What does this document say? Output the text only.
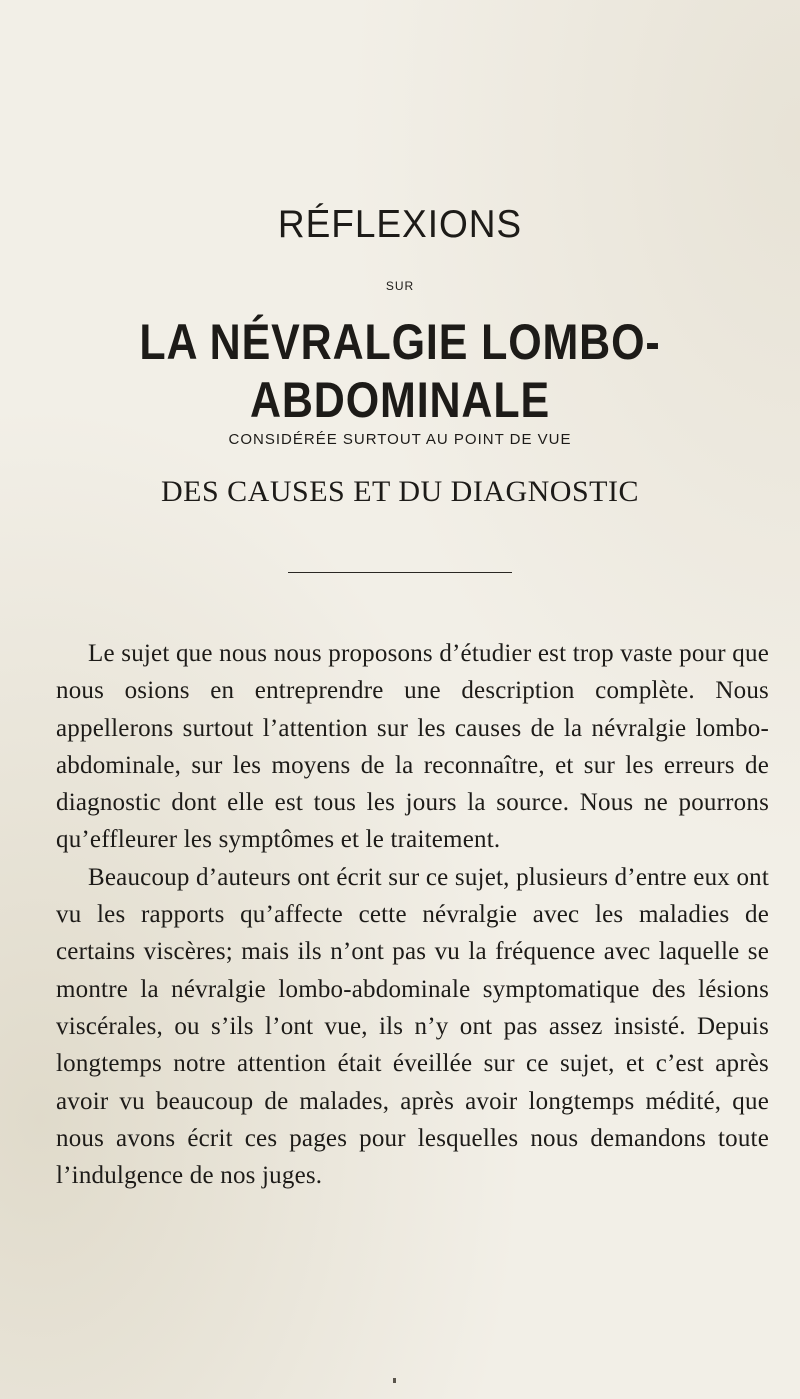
RÉFLEXIONS
SUR
LA NÉVRALGIE LOMBO-ABDOMINALE
CONSIDÉRÉE SURTOUT AU POINT DE VUE
DES CAUSES ET DU DIAGNOSTIC

Le sujet que nous nous proposons d’étudier est trop vaste pour que nous osions en entreprendre une description complète. Nous appellerons surtout l’attention sur les causes de la névralgie lombo-abdominale, sur les moyens de la reconnaître, et sur les erreurs de diagnostic dont elle est tous les jours la source. Nous ne pourrons qu’effleurer les symptômes et le traitement.

Beaucoup d’auteurs ont écrit sur ce sujet, plusieurs d’entre eux ont vu les rapports qu’affecte cette névralgie avec les maladies de certains viscères; mais ils n’ont pas vu la fréquence avec laquelle se montre la névralgie lombo-abdominale symptomatique des lésions viscérales, ou s’ils l’ont vue, ils n’y ont pas assez insisté. Depuis longtemps notre attention était éveillée sur ce sujet, et c’est après avoir vu beaucoup de malades, après avoir longtemps médité, que nous avons écrit ces pages pour lesquelles nous demandons toute l’indulgence de nos juges.
